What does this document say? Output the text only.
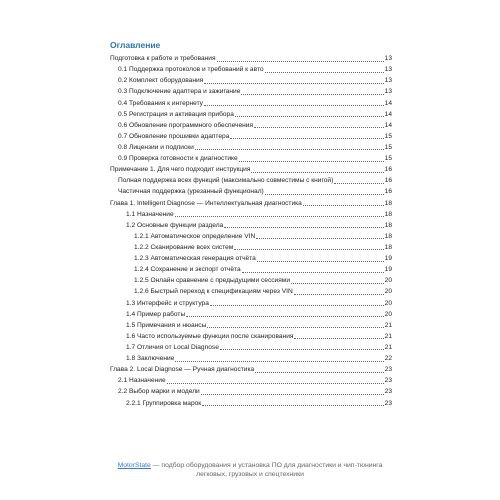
Оглавление
Подготовка к работе и требования	13
0.1 Поддержка протоколов и требований к авто	13
0.2 Комплект оборудования	13
0.3 Подключение адаптера и зажигание	13
0.4 Требования к интернету	14
0.5 Регистрация и активация прибора	14
0.6 Обновление программного обеспечения	14
0.7 Обновление прошивки адаптера	15
0.8 Лицензии и подписки	15
0.9 Проверка готовности к диагностике	15
Примечание 1. Для чего подходит инструкция	16
Полная поддержка всех функций (максимально совместимы с книгой)	16
Частичная поддержка (урезанный функционал)	16
Глава 1. Intelligent Diagnose — Интеллектуальная диагностика	18
1.1 Назначение	18
1.2 Основные функции раздела	18
1.2.1 Автоматическое определение VIN	18
1.2.2 Сканирование всех систем	18
1.2.3 Автоматическая генерация отчёта	19
1.2.4 Сохранение и экспорт отчёта	19
1.2.5 Онлайн сравнение с предыдущими сессиями	20
1.2.6 Быстрый переход к спецификациям через VIN	20
1.3 Интерфейс и структура	20
1.4 Пример работы	20
1.5 Примечания и нюансы	21
1.6 Часто используемые функции после сканирования	21
1.7 Отличия от Local Diagnose	21
1.8 Заключение	22
Глава 2. Local Diagnose — Ручная диагностика	23
2.1 Назначение	23
2.2 Выбор марки и модели	23
2.2.1 Группировка марок	23
MotorState — подбор оборудования и установка ПО для диагностики и чип-тюнинга
легковых, грузовых и спецтехники
